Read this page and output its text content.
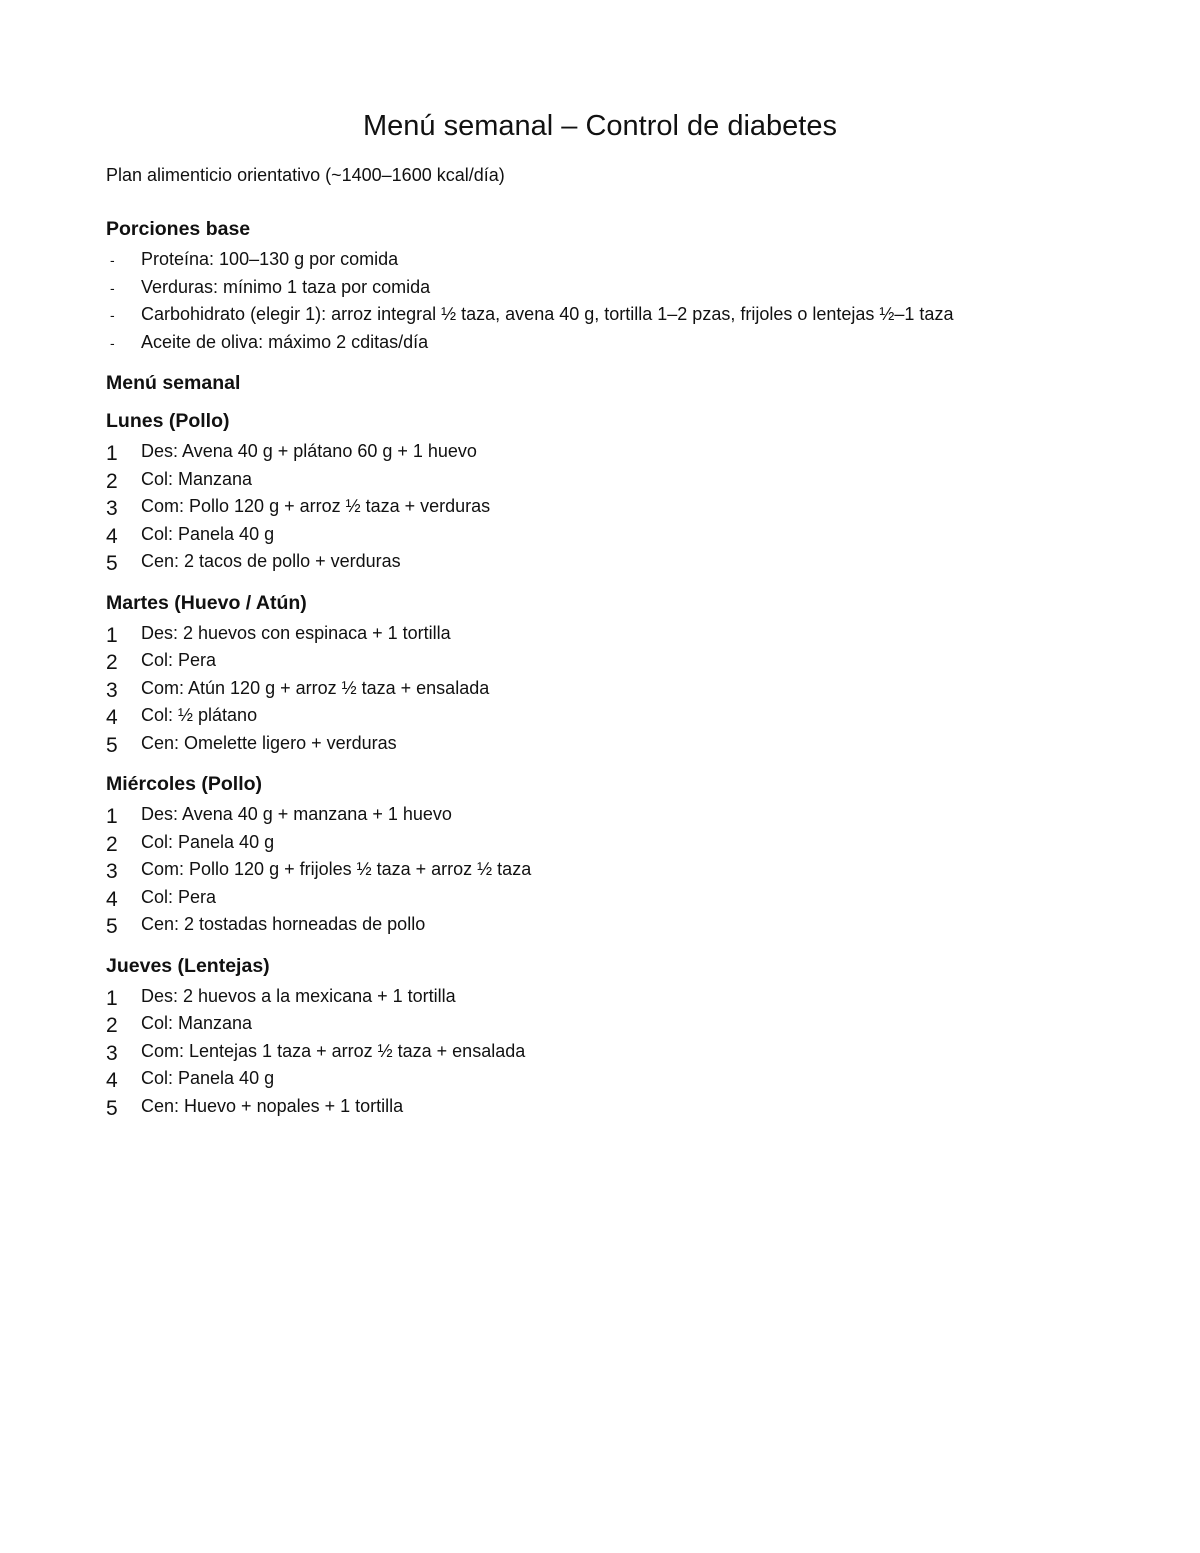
Menú semanal – Control de diabetes

Plan alimenticio orientativo (~1400–1600 kcal/día)

Porciones base
- Proteína: 100–130 g por comida
- Verduras: mínimo 1 taza por comida
- Carbohidrato (elegir 1): arroz integral ½ taza, avena 40 g, tortilla 1–2 pzas, frijoles o lentejas ½–1 taza
- Aceite de oliva: máximo 2 cditas/día
Menú semanal
Lunes (Pollo)
1 Des: Avena 40 g + plátano 60 g + 1 huevo
2 Col: Manzana
3 Com: Pollo 120 g + arroz ½ taza + verduras
4 Col: Panela 40 g
5 Cen: 2 tacos de pollo + verduras
Martes (Huevo / Atún)
1 Des: 2 huevos con espinaca + 1 tortilla
2 Col: Pera
3 Com: Atún 120 g + arroz ½ taza + ensalada
4 Col: ½ plátano
5 Cen: Omelette ligero + verduras
Miércoles (Pollo)
1 Des: Avena 40 g + manzana + 1 huevo
2 Col: Panela 40 g
3 Com: Pollo 120 g + frijoles ½ taza + arroz ½ taza
4 Col: Pera
5 Cen: 2 tostadas horneadas de pollo
Jueves (Lentejas)
1 Des: 2 huevos a la mexicana + 1 tortilla
2 Col: Manzana
3 Com: Lentejas 1 taza + arroz ½ taza + ensalada
4 Col: Panela 40 g
5 Cen: Huevo + nopales + 1 tortilla
